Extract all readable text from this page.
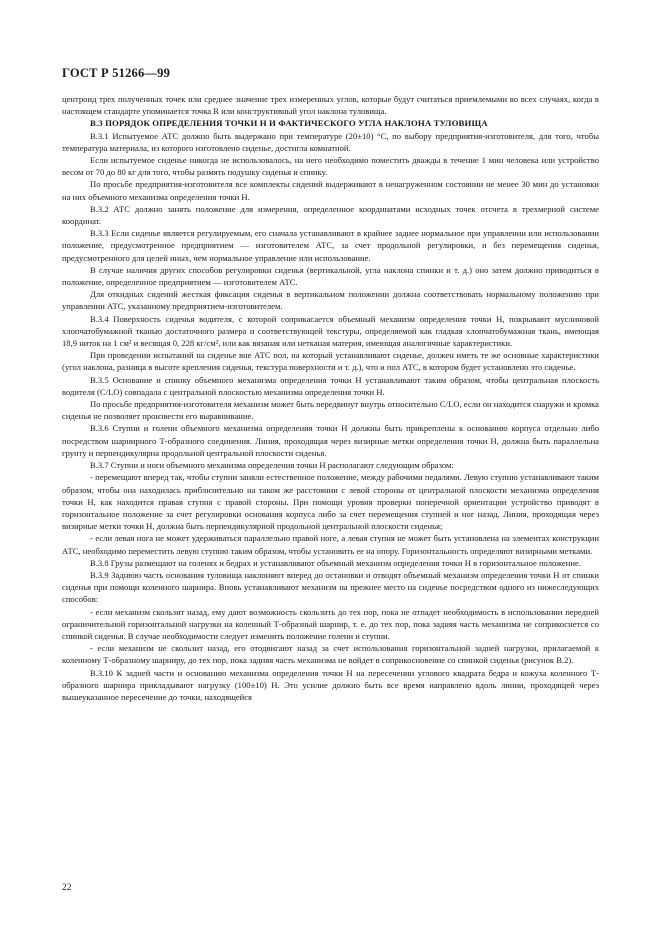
ГОСТ Р 51266—99

центроид трех полученных точек или среднее значение трех измеренных углов, которые будут считаться приемлемыми во всех случаях, когда в настоящем стандарте упоминается точка R или конструктивный угол наклона туловища.

В.3 ПОРЯДОК ОПРЕДЕЛЕНИЯ ТОЧКИ H И ФАКТИЧЕСКОГО УГЛА НАКЛОНА ТУЛОВИЩА

В.3.1 Испытуемое АТС должно быть выдержано при температуре (20±10) °С, по выбору предприятия-изготовителя, для того, чтобы температура материала, из которого изготовлено сиденье, достигла комнатной.

Если испытуемое сиденье никогда не использовалось, на него необходимо поместить дважды в течение 1 мин человека или устройство весом от 70 до 80 кг для того, чтобы размять подушку сиденья и спинку.

По просьбе предприятия-изготовителя все комплекты сидений выдерживают в ненагруженном состоянии не менее 30 мин до установки на них объемного механизма определения точки H.

В.3.2 АТС должно занять положение для измерения, определенное координатами исходных точек отсчета в трехмерной системе координат.

В.3.3 Если сиденье является регулируемым, его сначала устанавливают в крайнее заднее нормальное при управлении или использовании положение, предусмотренное предприятием — изготовителем АТС, за счет продольной регулировки, и без перемещения сиденья, предусмотренного для целей иных, чем нормальное управление или использование.

В случае наличия других способов регулировки сиденья (вертикальной, угла наклона спинки и т. д.) оно затем должно приводиться в положение, определенное предприятием — изготовителем АТС.

Для откидных сидений жесткая фиксация сиденья в вертикальном положении должна соответствовать нормальному положению при управлении АТС, указанному предприятием-изготовителем.

В.3.4 Поверхность сиденья водителя, с которой соприкасается объемный механизм определения точки Н, покрывают муслиновой хлопчатобумажной тканью достаточного размера и соответствующей текстуры, определяемой как гладкая хлопчатобумажная ткань, имеющая 18,9 ниток на 1 см² и весящая 0, 228 кг/см², или как вязаная или нетканая материя, имеющая аналогичные характеристики.

При проведении испытаний на сиденье вне АТС пол, на который устанавливают сиденье, должен иметь те же основные характеристики (угол наклона, разница в высоте крепления сиденья, текстура поверхности и т. д.), что и пол АТС, в котором будет установлено это сиденье.

В.3.5 Основание и спинку объемного механизма определения точки H устанавливают таким образом, чтобы центральная плоскость водителя (C/LO) совпадала с центральной плоскостью механизма определения точки H.

По просьбе предприятия-изготовителя механизм может быть передвинут внутрь относительно C/LO, если он находится снаружи и кромка сиденья не позволяет произвести его выравнивание.

В.3.6 Ступни и голени объемного механизма определения точки H должны быть прикреплены к основанию корпуса отдельно либо посредством шарнирного Т-образного соединения. Линия, проходящая через визирные метки определения точки H, должна быть параллельна грунту и перпендикулярна продольной центральной плоскости сиденья.

В.3.7 Ступни и ноги объемного механизма определения точки H располагают следующим образом:

- перемещают вперед так, чтобы ступни заняли естественное положение, между рабочими педалями. Левую ступню устанавливают таким образом, чтобы она находилась приблизительно на таком же расстоянии с левой стороны от центральной плоскости механизма определения точки H, как находится правая ступня с правой стороны. При помощи уровня проверки поперечной ориентации устройство приводят в горизонтальное положение за счет регулировки основания корпуса либо за счет перемещения ступней и ног назад. Линия, проходящая через визирные метки точки H, должна быть перпендикулярной продольной центральной плоскости сиденья;

- если левая нога не может удерживаться параллельно правой ноге, а левая ступня не может быть установлена на элементах конструкции АТС, необходимо переместить левую ступню таким образом, чтобы установить ее на опору. Горизонтальность определяют визирными метками.

В.3.8 Грузы размещают на голенях и бедрах и устанавливают объемный механизм определения точки H в горизонтальное положение.

В.3.9 Заднюю часть основания туловища наклоняют вперед до остановки и отводят объемный механизм определения точки H от спинки сиденья при помощи коленного шарнира. Вновь устанавливают механизм на прежнее место на сиденье посредством одного из нижеследующих способов:

- если механизм скользит назад, ему дают возможность скользить до тех пор, пока не отпадет необходимость в использовании передней ограничительной горизонтальной нагрузки на коленный Т-образный шарнир, т. е. до тех пор, пока задняя часть механизма не соприкоснется со спинкой сиденья. В случае необходимости следует изменить положение голени и ступни.

- если механизм не скользит назад, его отодвигают назад за счет использования горизонтальной задней нагрузки, прилагаемой к коленному Т-образному шарниру, до тех пор, пока задняя часть механизма не войдет в соприкосновение со спинкой сиденья (рисунок В.2).

В.3.10 К задней части и основанию механизма определения точки H на пересечении углового квадрата бедра и кожуха коленного Т-образного шарнира прикладывают нагрузку (100±10) Н. Это усилие должно быть все время направлено вдоль линии, проходящей через вышеуказанное пересечение до точки, находящейся

22
